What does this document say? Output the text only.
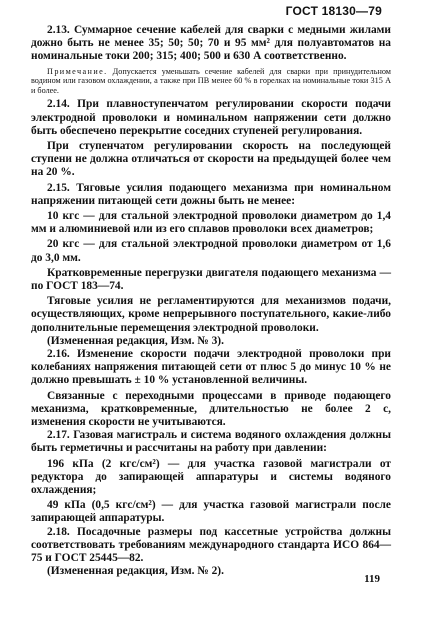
ГОСТ 18130—79

2.13. Суммарное сечение кабелей для сварки с медными жилами дожно быть не менее 35; 50; 50; 70 и 95 мм² для полуавтоматов на номинальные токи 200; 315; 400; 500 и 630 А соответственно.

Примечание. Допускается уменьшать сечение кабелей для сварки при принудительном водином или газовом охлаждении, а также при ПВ менее 60 % в горелках на номинальные токи 315 А и более.

2.14. При плавноступенчатом регулировании скорости подачи электродной проволоки и номинальном напряжении сети должно быть обеспечено перекрытие соседних ступеней регулирования.

При ступенчатом регулировании скорость на последующей ступени не должна отличаться от скорости на предыдущей более чем на 20 %.

2.15. Тяговые усилия подающего механизма при номинальном напряжении питающей сети дожны быть не менее:

10 кгс — для стальной электродной проволоки диаметром до 1,4 мм и алюминиевой или из его сплавов проволоки всех диаметров;

20 кгс — для стальной электродной проволоки диаметром от 1,6 до 3,0 мм.

Кратковременные перегрузки двигателя подающего механизма — по ГОСТ 183—74.

Тяговые усилия не регламентируются для механизмов подачи, осуществляющих, кроме непрерывного поступательного, какие-либо дополнительные перемещения электродной проволоки.

(Измененная редакция, Изм. № 3).

2.16. Изменение скорости подачи электродной проволоки при колебаниях напряжения питающей сети от плюс 5 до минус 10 % не должно превышать ± 10 % установленной величины.

Связанные с переходными процессами в приводе подающего механизма, кратковременные, длительностью не более 2 с, изменения скорости не учитываются.

2.17. Газовая магистраль и система водяного охлаждения должны быть герметичны и рассчитаны на работу при давлении:

196 кПа (2 кгс/см²) — для участка газовой магистрали от редуктора до запирающей аппаратуры и системы водяного охлаждения;

49 кПа (0,5 кгс/см²) — для участка газовой магистрали после запирающей аппаратуры.

2.18. Посадочные размеры под кассетные устройства должны соответствовать требованиям международного стандарта ИСО 864—75 и ГОСТ 25445—82.

(Измененная редакция, Изм. № 2).

119
